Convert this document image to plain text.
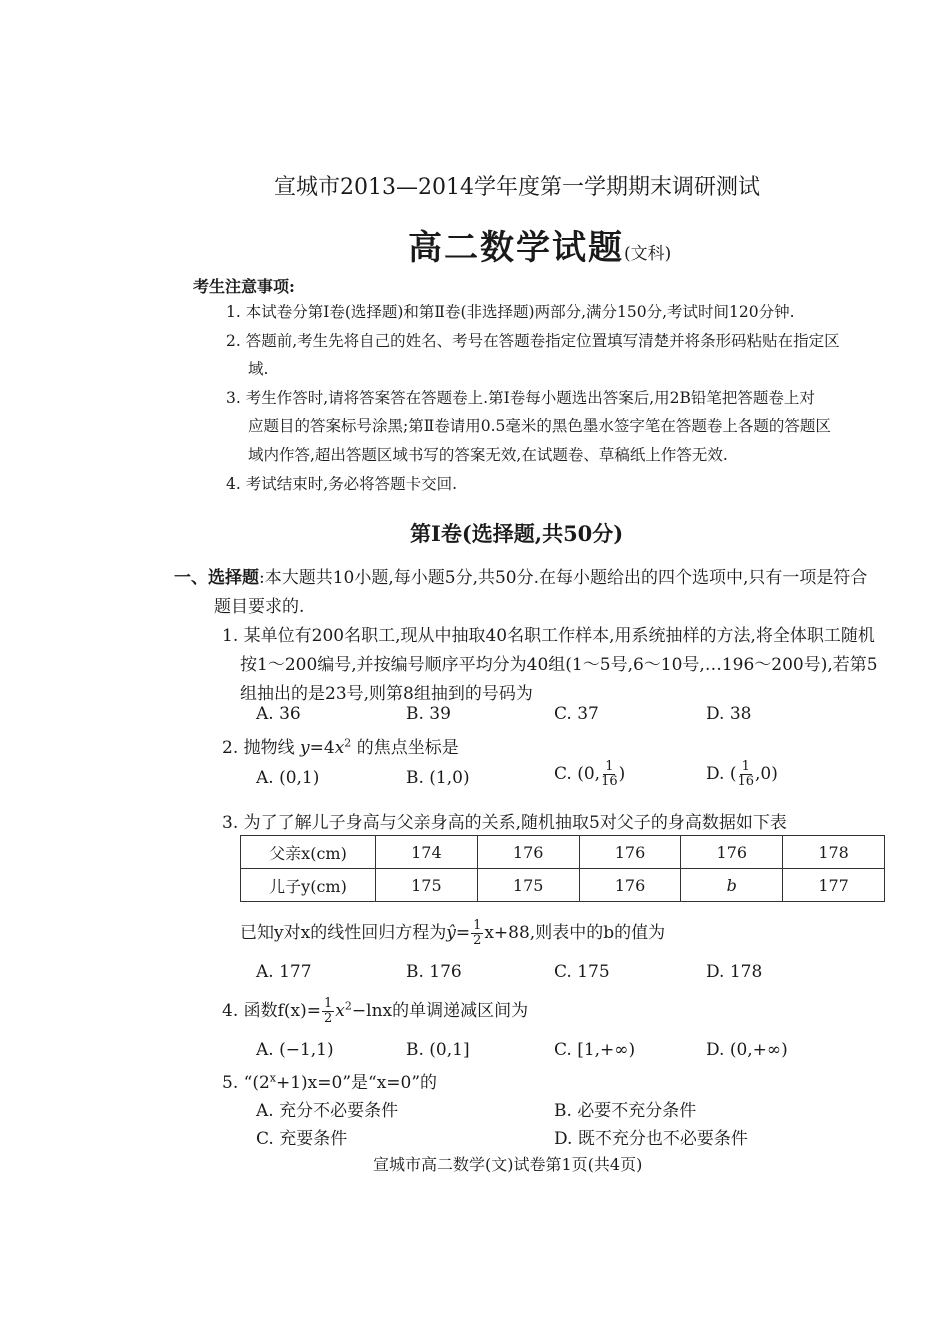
宣城市2013—2014学年度第一学期期末调研测试
高二数学试题(文科)
考生注意事项:
1. 本试卷分第Ⅰ卷(选择题)和第Ⅱ卷(非选择题)两部分,满分150分,考试时间120分钟.
2. 答题前,考生先将自己的姓名、考号在答题卷指定位置填写清楚并将条形码粘贴在指定区
域.
3. 考生作答时,请将答案答在答题卷上.第Ⅰ卷每小题选出答案后,用2B铅笔把答题卷上对
应题目的答案标号涂黑;第Ⅱ卷请用0.5毫米的黑色墨水签字笔在答题卷上各题的答题区
域内作答,超出答题区域书写的答案无效,在试题卷、草稿纸上作答无效.
4. 考试结束时,务必将答题卡交回.
第Ⅰ卷(选择题,共50分)
一、选择题:本大题共10小题,每小题5分,共50分.在每小题给出的四个选项中,只有一项是符合
题目要求的.
1. 某单位有200名职工,现从中抽取40名职工作样本,用系统抽样的方法,将全体职工随机
按1～200编号,并按编号顺序平均分为40组(1～5号,6～10号,…196～200号),若第5
组抽出的是23号,则第8组抽到的号码为
A. 36	B. 39	C. 37	D. 38
2. 抛物线 $y=4x^2$ 的焦点坐标是
A. (0,1)	B. (1,0)	C. (0, $\frac{1}{16}$ )	D. ( $\frac{1}{16} ,0$)
3. 为了了解儿子身高与父亲身高的关系,随机抽取5对父子的身高数据如下表
父亲x(cm)	174	176	176	176	178
儿子y(cm)	175	175	176	b	177
已知y对x的线性回归方程为ŷ= $\frac{1}{2} x+88$,则表中的b的值为
A. 177	B. 176	C. 175	D. 178
4. 函数$f(x)= \frac{1}{2} x^2-\ln x$的单调递减区间为
A. (−1,1)	B. (0,1]	C. [1,+∞)	D. (0,+∞)
5. “$(2^x+1)x=0$”是“x=0”的
A. 充分不必要条件	B. 必要不充分条件
C. 充要条件	D. 既不充分也不必要条件
宣城市高二数学(文)试卷第1页(共4页)
